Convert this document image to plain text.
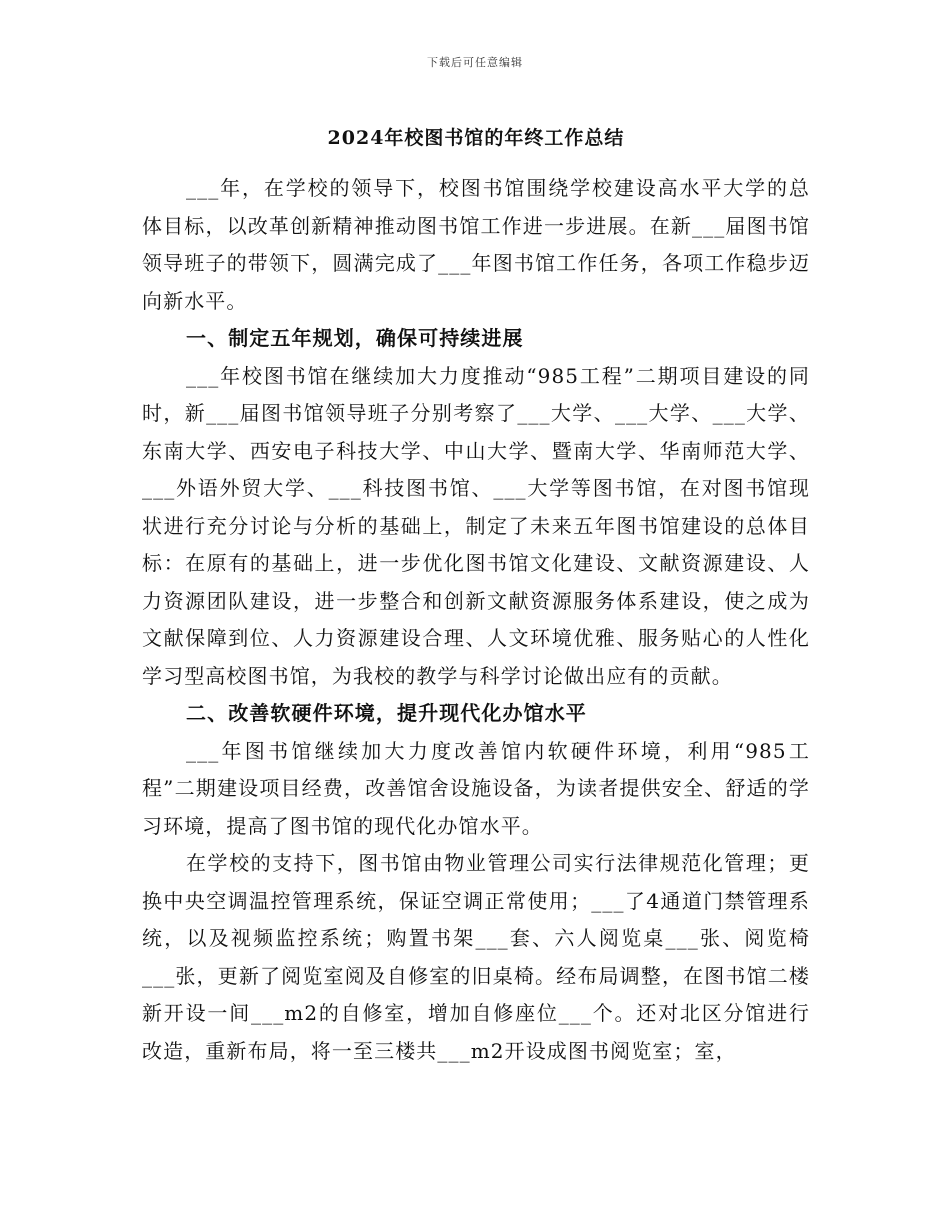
下载后可任意编辑
2024年校图书馆的年终工作总结

___年，在学校的领导下，校图书馆围绕学校建设高水平大学的总体目标，以改革创新精神推动图书馆工作进一步进展。在新___届图书馆领导班子的带领下，圆满完成了___年图书馆工作任务，各项工作稳步迈向新水平。

一、制定五年规划，确保可持续进展

___年校图书馆在继续加大力度推动“985工程”二期项目建设的同时，新___届图书馆领导班子分别考察了___大学、___大学、___大学、东南大学、西安电子科技大学、中山大学、暨南大学、华南师范大学、___外语外贸大学、___科技图书馆、___大学等图书馆，在对图书馆现状进行充分讨论与分析的基础上，制定了未来五年图书馆建设的总体目标：在原有的基础上，进一步优化图书馆文化建设、文献资源建设、人力资源团队建设，进一步整合和创新文献资源服务体系建设，使之成为文献保障到位、人力资源建设合理、人文环境优雅、服务贴心的人性化学习型高校图书馆，为我校的教学与科学讨论做出应有的贡献。

二、改善软硬件环境，提升现代化办馆水平

___年图书馆继续加大力度改善馆内软硬件环境，利用“985工程”二期建设项目经费，改善馆舍设施设备，为读者提供安全、舒适的学习环境，提高了图书馆的现代化办馆水平。

在学校的支持下，图书馆由物业管理公司实行法律规范化管理；更换中央空调温控管理系统，保证空调正常使用；___了4通道门禁管理系统，以及视频监控系统；购置书架___套、六人阅览桌___张、阅览椅___张，更新了阅览室阅及自修室的旧桌椅。经布局调整，在图书馆二楼新开设一间___m2的自修室，增加自修座位___个。还对北区分馆进行改造，重新布局，将一至三楼共___m2开设成图书阅览室；室，
